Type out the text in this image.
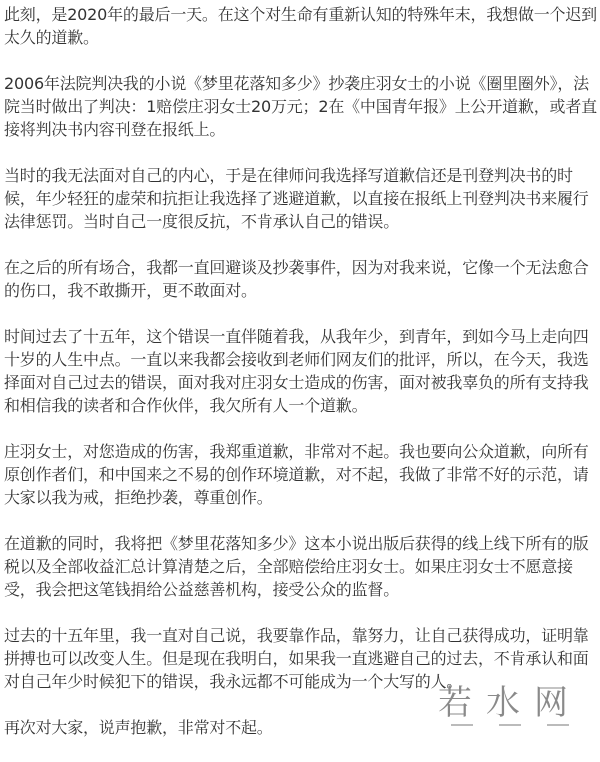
此刻，是2020年的最后一天。在这个对生命有重新认知的特殊年末，我想做一个迟到
太久的道歉。
2006年法院判决我的小说《梦里花落知多少》抄袭庄羽女士的小说《圈里圈外》，法
院当时做出了判决：1赔偿庄羽女士20万元；2在《中国青年报》上公开道歉，或者直
接将判决书内容刊登在报纸上。
当时的我无法面对自己的内心，于是在律师问我选择写道歉信还是刊登判决书的时
候，年少轻狂的虚荣和抗拒让我选择了逃避道歉，以直接在报纸上刊登判决书来履行
法律惩罚。当时自己一度很反抗，不肯承认自己的错误。
在之后的所有场合，我都一直回避谈及抄袭事件，因为对我来说，它像一个无法愈合
的伤口，我不敢撕开，更不敢面对。
时间过去了十五年，这个错误一直伴随着我，从我年少，到青年，到如今马上走向四
十岁的人生中点。一直以来我都会接收到老师们网友们的批评，所以，在今天，我选
择面对自己过去的错误，面对我对庄羽女士造成的伤害，面对被我辜负的所有支持我
和相信我的读者和合作伙伴，我欠所有人一个道歉。
庄羽女士，对您造成的伤害，我郑重道歉，非常对不起。我也要向公众道歉，向所有
原创作者们，和中国来之不易的创作环境道歉，对不起，我做了非常不好的示范，请
大家以我为戒，拒绝抄袭，尊重创作。
在道歉的同时，我将把《梦里花落知多少》这本小说出版后获得的线上线下所有的版
税以及全部收益汇总计算清楚之后，全部赔偿给庄羽女士。如果庄羽女士不愿意接
受，我会把这笔钱捐给公益慈善机构，接受公众的监督。
过去的十五年里，我一直对自己说，我要靠作品，靠努力，让自己获得成功，证明靠
拼搏也可以改变人生。但是现在我明白，如果我一直逃避自己的过去，不肯承认和面
对自己年少时候犯下的错误，我永远都不可能成为一个大写的人。
再次对大家，说声抱歉，非常对不起。
若水网
